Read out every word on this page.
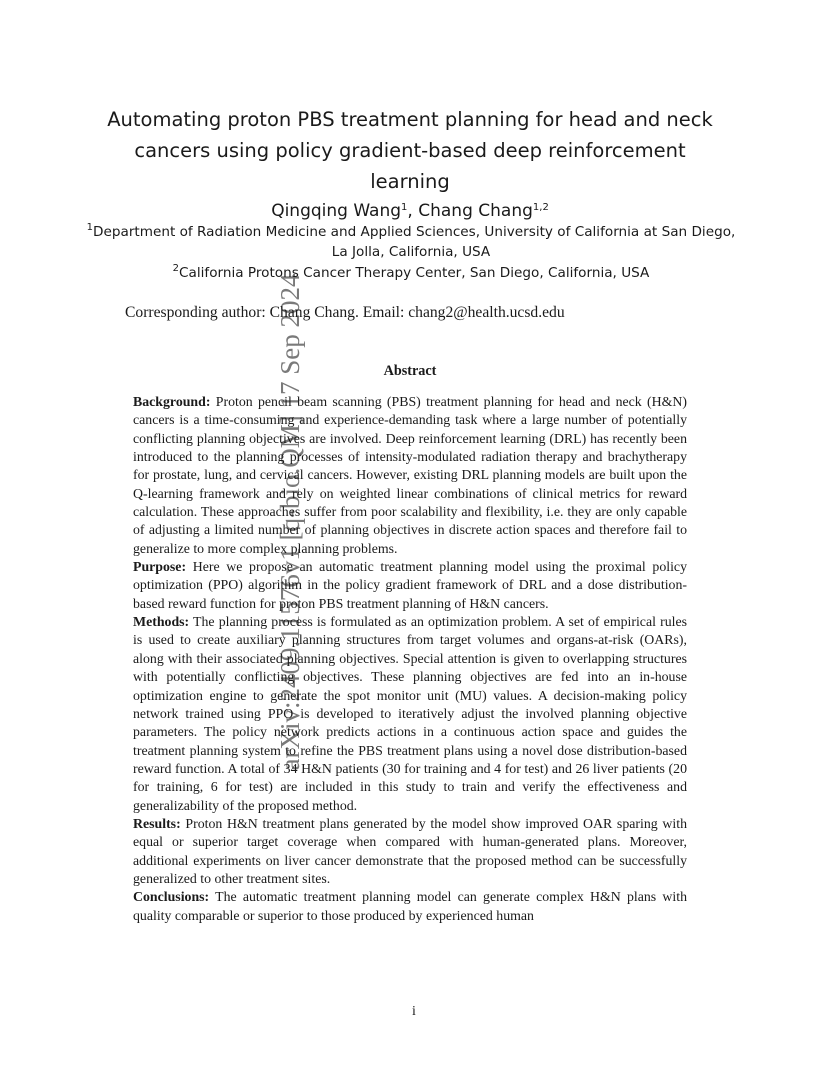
arXiv:2409.11576v1 [q-bio.QM] 17 Sep 2024
Automating proton PBS treatment planning for head and neck
cancers using policy gradient-based deep reinforcement learning
Qingqing Wang$^1$, Chang Chang$^{1,2}$
$^1$Department of Radiation Medicine and Applied Sciences, University of California at San Diego, La Jolla, California, USA
$^2$California Protons Cancer Therapy Center, San Diego, California, USA
Corresponding author: Chang Chang. Email: chang2@health.ucsd.edu
Abstract

Background: Proton pencil beam scanning (PBS) treatment planning for head and neck (H&N) cancers is a time-consuming and experience-demanding task where a large number of potentially conflicting planning objectives are involved. Deep reinforcement learning (DRL) has recently been introduced to the planning processes of intensity-modulated radiation therapy and brachytherapy for prostate, lung, and cervical cancers. However, existing DRL planning models are built upon the Q-learning framework and rely on weighted linear combinations of clinical metrics for reward calculation. These approaches suffer from poor scalability and flexibility, i.e. they are only capable of adjusting a limited number of planning objectives in discrete action spaces and therefore fail to generalize to more complex planning problems.

Purpose: Here we propose an automatic treatment planning model using the proximal policy optimization (PPO) algorithm in the policy gradient framework of DRL and a dose distribution-based reward function for proton PBS treatment planning of H&N cancers.

Methods: The planning process is formulated as an optimization problem. A set of empirical rules is used to create auxiliary planning structures from target volumes and organs-at-risk (OARs), along with their associated planning objectives. Special attention is given to overlapping structures with potentially conflicting objectives. These planning objectives are fed into an in-house optimization engine to generate the spot monitor unit (MU) values. A decision-making policy network trained using PPO is developed to iteratively adjust the involved planning objective parameters. The policy network predicts actions in a continuous action space and guides the treatment planning system to refine the PBS treatment plans using a novel dose distribution-based reward function. A total of 34 H&N patients (30 for training and 4 for test) and 26 liver patients (20 for training, 6 for test) are included in this study to train and verify the effectiveness and generalizability of the proposed method.

Results: Proton H&N treatment plans generated by the model show improved OAR sparing with equal or superior target coverage when compared with human-generated plans. Moreover, additional experiments on liver cancer demonstrate that the proposed method can be successfully generalized to other treatment sites.

Conclusions: The automatic treatment planning model can generate complex H&N plans with quality comparable or superior to those produced by experienced human

i
